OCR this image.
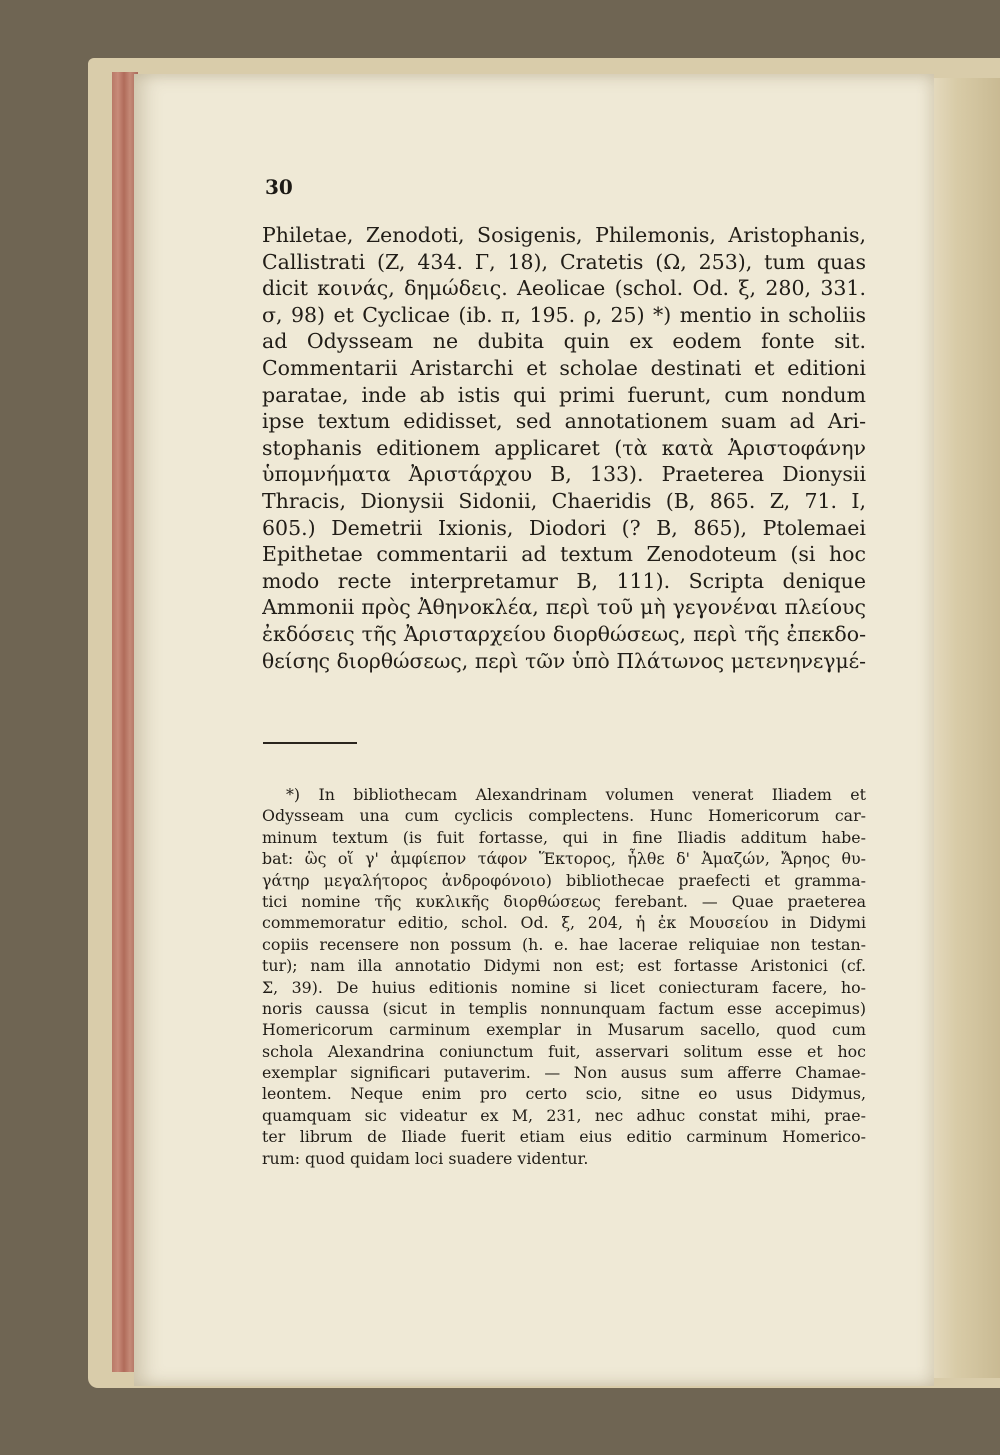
30
Philetae, Zenodoti, Sosigenis, Philemonis, Aristophanis,
Callistrati (Z, 434. Γ, 18), Cratetis (Ω, 253), tum quas
dicit κοινάς, δημώδεις. Aeolicae (schol. Od. ξ, 280, 331.
σ, 98) et Cyclicae (ib. π, 195. ρ, 25) *) mentio in scholiis
ad Odysseam ne dubita quin ex eodem fonte sit.
Commentarii Aristarchi et scholae destinati et editioni
paratae, inde ab istis qui primi fuerunt, cum nondum
ipse textum edidisset, sed annotationem suam ad Ari-
stophanis editionem applicaret (τὰ κατὰ Ἀριστοφάνην
ὑπομνήματα Ἀριστάρχου B, 133). Praeterea Dionysii
Thracis, Dionysii Sidonii, Chaeridis (B, 865. Z, 71. I,
605.) Demetrii Ixionis, Diodori (? B, 865), Ptolemaei
Epithetae commentarii ad textum Zenodoteum (si hoc
modo recte interpretamur B, 111). Scripta denique
Ammonii πρὸς Ἀθηνοκλέα, περὶ τοῦ μὴ γεγονέναι πλείους
ἐκδόσεις τῆς Ἀρισταρχείου διορθώσεως, περὶ τῆς ἐπεκδο-
θείσης διορθώσεως, περὶ τῶν ὑπὸ Πλάτωνος μετενηνεγμέ-
*) In bibliothecam Alexandrinam volumen venerat Iliadem et
Odysseam una cum cyclicis complectens. Hunc Homericorum car-
minum textum (is fuit fortasse, qui in fine Iliadis additum habe-
bat: ὣς οἵ γ' ἀμφίεπον τάφον Ἕκτορος, ἦλθε δ' Ἀμαζών, Ἄρηος θυ-
γάτηρ μεγαλήτορος ἀνδροφόνοιο) bibliothecae praefecti et gramma-
tici nomine τῆς κυκλικῆς διορθώσεως ferebant. — Quae praeterea
commemoratur editio, schol. Od. ξ, 204, ἡ ἐκ Μουσείου in Didymi
copiis recensere non possum (h. e. hae lacerae reliquiae non testan-
tur); nam illa annotatio Didymi non est; est fortasse Aristonici (cf.
Σ, 39). De huius editionis nomine si licet coniecturam facere, ho-
noris caussa (sicut in templis nonnunquam factum esse accepimus)
Homericorum carminum exemplar in Musarum sacello, quod cum
schola Alexandrina coniunctum fuit, asservari solitum esse et hoc
exemplar significari putaverim. — Non ausus sum afferre Chamae-
leontem. Neque enim pro certo scio, sitne eo usus Didymus,
quamquam sic videatur ex M, 231, nec adhuc constat mihi, prae-
ter librum de Iliade fuerit etiam eius editio carminum Homerico-
rum: quod quidam loci suadere videntur.
